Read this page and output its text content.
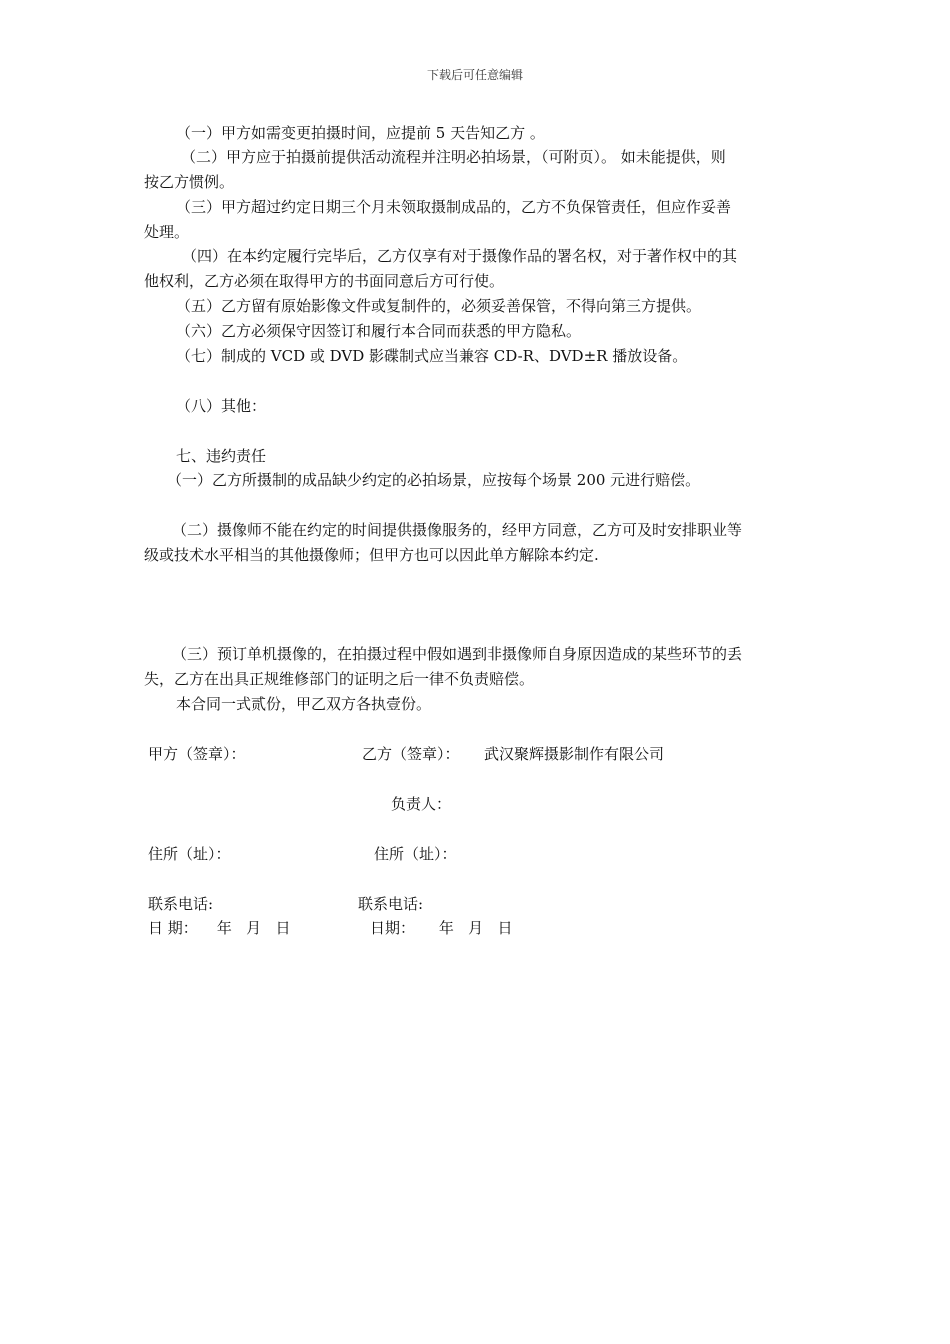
下载后可任意编辑
（一）甲方如需变更拍摄时间，应提前 5 天告知乙方 。
（二）甲方应于拍摄前提供活动流程并注明必拍场景，（可附页）。 如未能提供，则
按乙方惯例。
（三）甲方超过约定日期三个月未领取摄制成品的，乙方不负保管责任，但应作妥善
处理。
（四）在本约定履行完毕后，乙方仅享有对于摄像作品的署名权，对于著作权中的其
他权利，乙方必须在取得甲方的书面同意后方可行使。
（五）乙方留有原始影像文件或复制件的，必须妥善保管，不得向第三方提供。
（六）乙方必须保守因签订和履行本合同而获悉的甲方隐私。
（七）制成的 VCD 或 DVD 影碟制式应当兼容 CD-R、DVD±R 播放设备。
（八）其他：
七、违约责任
（一）乙方所摄制的成品缺少约定的必拍场景，应按每个场景 200 元进行赔偿。
（二）摄像师不能在约定的时间提供摄像服务的，经甲方同意，乙方可及时安排职业等
级或技术水平相当的其他摄像师；但甲方也可以因此单方解除本约定.
（三）预订单机摄像的，在拍摄过程中假如遇到非摄像师自身原因造成的某些环节的丢
失，乙方在出具正规维修部门的证明之后一律不负责赔偿。
本合同一式贰份，甲乙双方各执壹份。
甲方（签章）：	乙方（签章）： 武汉聚辉摄影制作有限公司
负责人：
住所（址）：	住所（址）：
联系电话:	联系电话:
日 期：    年   月   日	日期：     年   月   日
